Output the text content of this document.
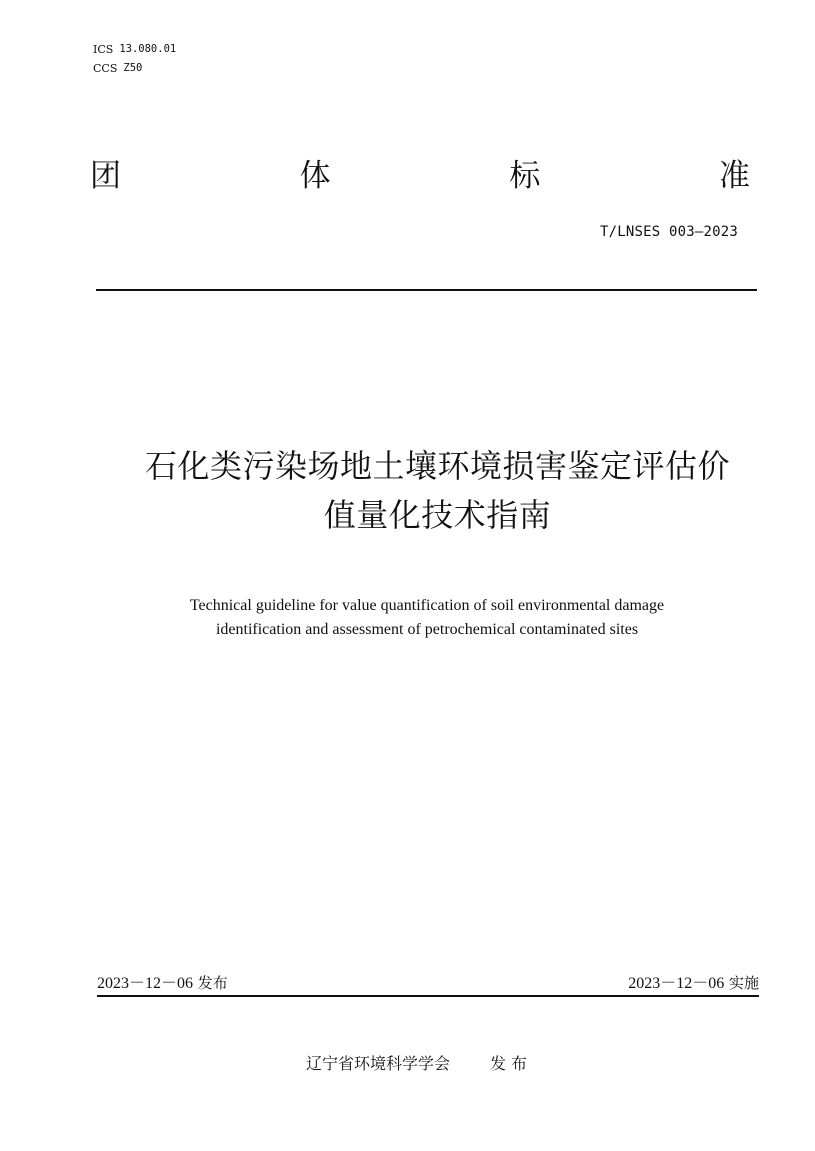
ICS 13.080.01
CCS Z50
团	体	标	准
T/LNSES 003—2023
石化类污染场地土壤环境损害鉴定评估价
值量化技术指南
Technical guideline for value quantification of soil environmental damage
identification and assessment of petrochemical contaminated sites
2023－12－06 发布	2023－12－06 实施
辽宁省环境科学学会	发 布
